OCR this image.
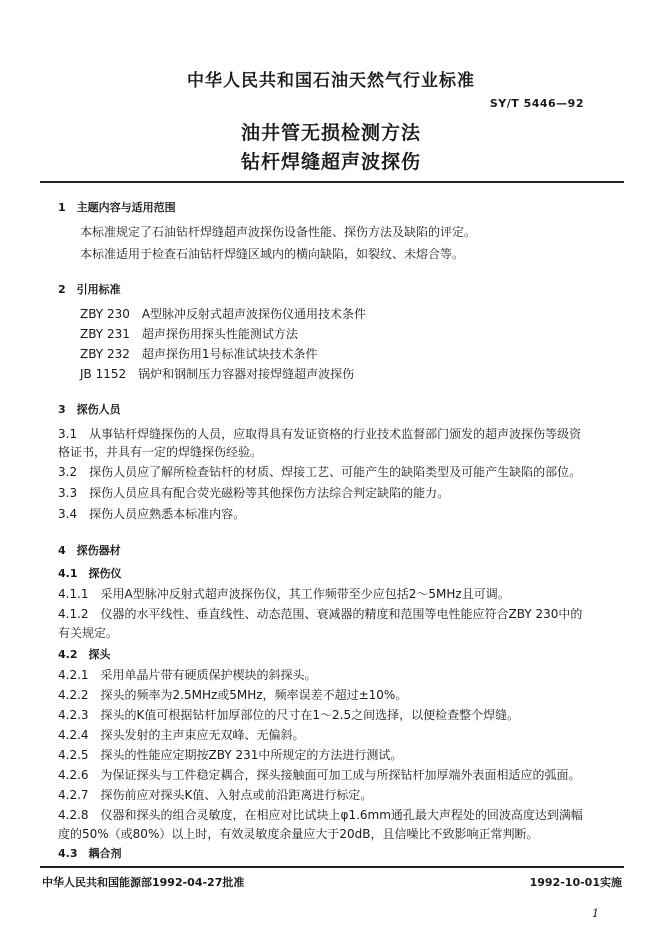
中华人民共和国石油天然气行业标准
SY/T 5446—92
油井管无损检测方法
钻杆焊缝超声波探伤
1　主题内容与适用范围
本标准规定了石油钻杆焊缝超声波探伤设备性能、探伤方法及缺陷的评定。
本标准适用于检查石油钻杆焊缝区域内的横向缺陷，如裂纹、未熔合等。
2　引用标准
ZBY 230　A型脉冲反射式超声波探伤仪通用技术条件
ZBY 231　超声探伤用探头性能测试方法
ZBY 232　超声探伤用1号标准试块技术条件
JB 1152　锅炉和钢制压力容器对接焊缝超声波探伤
3　探伤人员
3.1　从事钻杆焊缝探伤的人员，应取得具有发证资格的行业技术监督部门颁发的超声波探伤等级资
格证书，并具有一定的焊缝探伤经验。
3.2　探伤人员应了解所检查钻杆的材质、焊接工艺、可能产生的缺陷类型及可能产生缺陷的部位。
3.3　探伤人员应具有配合荧光磁粉等其他探伤方法综合判定缺陷的能力。
3.4　探伤人员应熟悉本标准内容。
4　探伤器材
4.1　探伤仪
4.1.1　采用A型脉冲反射式超声波探伤仪，其工作频带至少应包括2～5MHz且可调。
4.1.2　仪器的水平线性、垂直线性、动态范围、衰减器的精度和范围等电性能应符合ZBY 230中的
有关规定。
4.2　探头
4.2.1　采用单晶片带有硬质保护楔块的斜探头。
4.2.2　探头的频率为2.5MHz或5MHz，频率误差不超过±10%。
4.2.3　探头的K值可根据钻杆加厚部位的尺寸在1～2.5之间选择，以便检查整个焊缝。
4.2.4　探头发射的主声束应无双峰、无偏斜。
4.2.5　探头的性能应定期按ZBY 231中所规定的方法进行测试。
4.2.6　为保证探头与工件稳定耦合，探头接触面可加工成与所探钻杆加厚端外表面相适应的弧面。
4.2.7　探伤前应对探头K值、入射点或前沿距离进行标定。
4.2.8　仪器和探头的组合灵敏度，在相应对比试块上φ1.6mm通孔最大声程处的回波高度达到满幅
度的50%（或80%）以上时，有效灵敏度余量应大于20dB，且信噪比不致影响正常判断。
4.3　耦合剂
中华人民共和国能源部1992-04-27批准	1992-10-01实施
1
